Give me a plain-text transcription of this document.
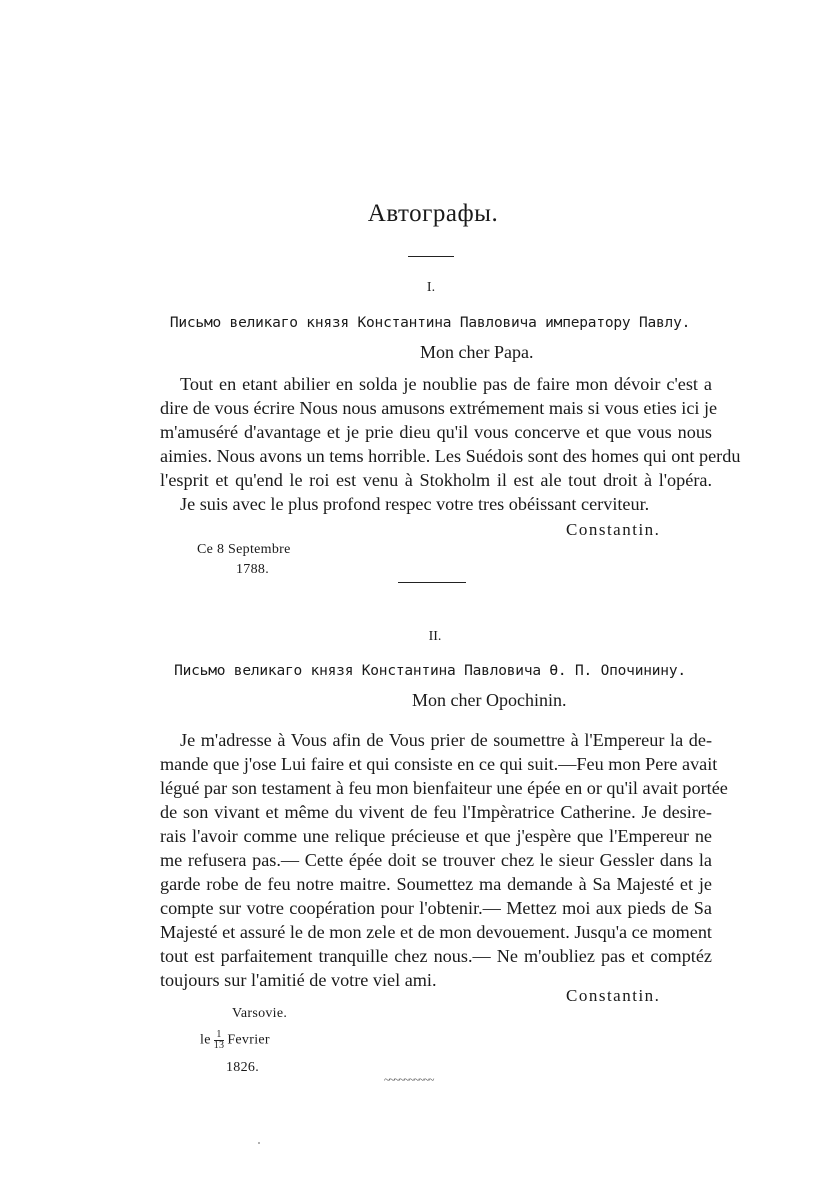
Автографы.
I.
Письмо великаго князя Константина Павловича императору Павлу.
Mon cher Papa.
Tout en etant abilier en solda je noublie pas de faire mon dévoir c'est a
dire de vous écrire Nous nous amusons extrémement mais si vous eties ici je
m'amuséré d'avantage et je prie dieu qu'il vous concerve et que vous nous
aimies. Nous avons un tems horrible. Les Suédois sont des homes qui ont perdu
l'esprit et qu'end le roi est venu à Stokholm il est ale tout droit à l'opéra.
Je suis avec le plus profond respec votre tres obéissant cerviteur.
Constantin.
Ce 8 Septembre
1788.
II.
Письмо великаго князя Константина Павловича Ѳ. П. Опочинину.
Mon cher Opochinin.
Je m'adresse à Vous afin de Vous prier de soumettre à l'Empereur la de-
mande que j'ose Lui faire et qui consiste en ce qui suit.—Feu mon Pere avait
légué par son testament à feu mon bienfaiteur une épée en or qu'il avait portée
de son vivant et même du vivent de feu l'Impèratrice Catherine. Je desire-
rais l'avoir comme une relique précieuse et que j'espère que l'Empereur ne
me refusera pas.— Cette épée doit se trouver chez le sieur Gessler dans la
garde robe de feu notre maitre. Soumettez ma demande à Sa Majesté et je
compte sur votre coopération pour l'obtenir.— Mettez moi aux pieds de Sa
Majesté et assuré le de mon zele et de mon devouement. Jusqu'a ce moment
tout est parfaitement tranquille chez nous.— Ne m'oubliez pas et comptéz
toujours sur l'amitié de votre viel ami.
Constantin.
Varsovie.
le $\frac{1}{13}$ Fevrier
1826.
~~~~~~~~~~
